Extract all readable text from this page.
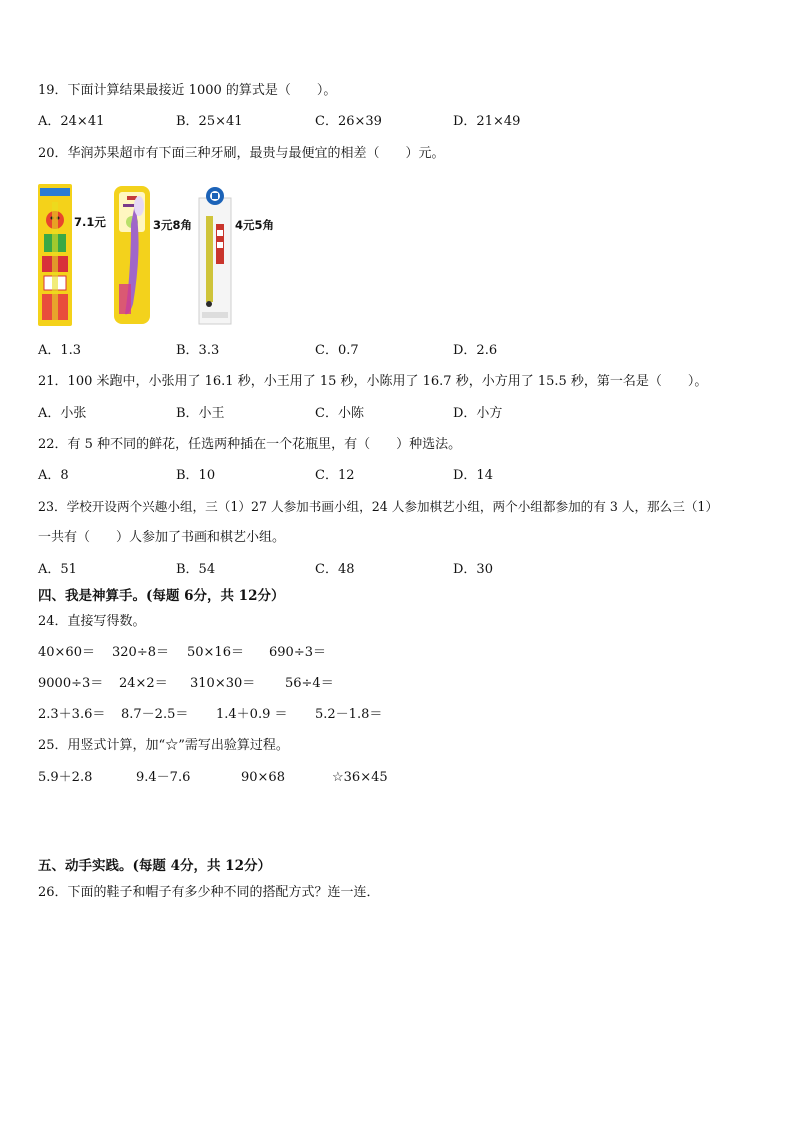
19．下面计算结果最接近 1000 的算式是（　　）。
A．24×41	B．25×41	C．26×39	D．21×49
20．华润苏果超市有下面三种牙刷，最贵与最便宜的相差（　　）元。
7.1元	3元8角	4元5角
A．1.3	B．3.3	C．0.7	D．2.6
21．100 米跑中，小张用了 16.1 秒，小王用了 15 秒，小陈用了 16.7 秒，小方用了 15.5 秒，第一名是（　　）。
A．小张	B．小王	C．小陈	D．小方
22．有 5 种不同的鲜花，任选两种插在一个花瓶里，有（　　）种选法。
A．8	B．10	C．12	D．14
23．学校开设两个兴趣小组，三（1）27 人参加书画小组，24 人参加棋艺小组，两个小组都参加的有 3 人，那么三（1）
一共有（　　）人参加了书画和棋艺小组。
A．51	B．54	C．48	D．30
四、我是神算手。(每题 6分，共 12分）
24．直接写得数。
40×60＝ 320÷8＝ 50×16＝ 690÷3＝
9000÷3＝ 24×2＝ 310×30＝ 56÷4＝
2.3＋3.6＝ 8.7－2.5＝ 1.4＋0.9 ＝ 5.2－1.8＝
25．用竖式计算，加“☆”需写出验算过程。
5.9＋2.8	9.4－7.6	90×68	☆36×45
五、动手实践。(每题 4分，共 12分）
26．下面的鞋子和帽子有多少种不同的搭配方式？连一连．
